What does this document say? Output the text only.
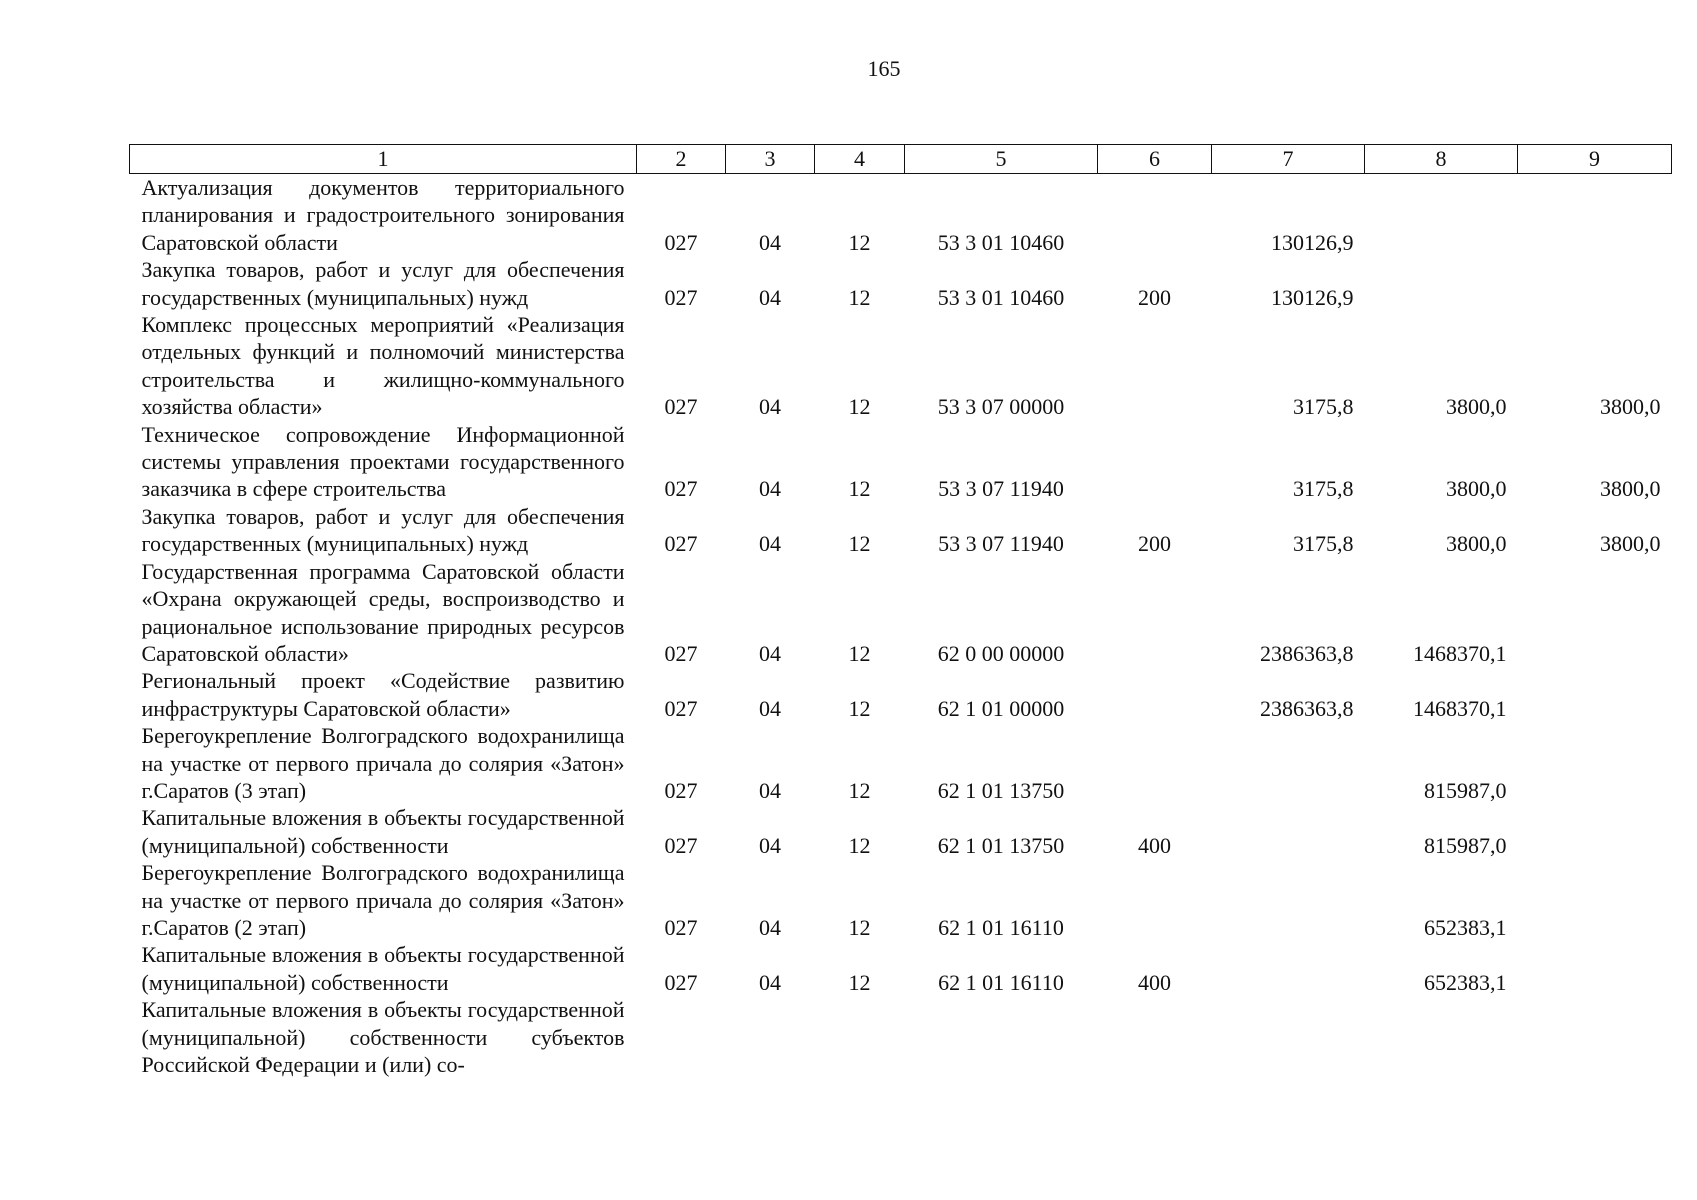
165
1	2	3	4	5	6	7	8	9
Актуализация документов территориального планирования и градостроительного зонирования Саратовской области	027	04	12	53 3 01 10460		130126,9		
Закупка товаров, работ и услуг для обеспечения государственных (муниципальных) нужд	027	04	12	53 3 01 10460	200	130126,9		
Комплекс процессных мероприятий «Реализация отдельных функций и полномочий министерства строительства и жилищно-коммунального хозяйства области»	027	04	12	53 3 07 00000		3175,8	3800,0	3800,0
Техническое сопровождение Информационной системы управления проектами государственного заказчика в сфере строительства	027	04	12	53 3 07 11940		3175,8	3800,0	3800,0
Закупка товаров, работ и услуг для обеспечения государственных (муниципальных) нужд	027	04	12	53 3 07 11940	200	3175,8	3800,0	3800,0
Государственная программа Саратовской области «Охрана окружающей среды, воспроизводство и рациональное использование природных ресурсов Саратовской области»	027	04	12	62 0 00 00000		2386363,8	1468370,1	
Региональный проект «Содействие развитию инфраструктуры Саратовской области»	027	04	12	62 1 01 00000		2386363,8	1468370,1	
Берегоукрепление Волгоградского водохранилища на участке от первого причала до солярия «Затон» г.Саратов (3 этап)	027	04	12	62 1 01 13750			815987,0	
Капитальные вложения в объекты государственной (муниципальной) собственности	027	04	12	62 1 01 13750	400		815987,0	
Берегоукрепление Волгоградского водохранилища на участке от первого причала до солярия «Затон» г.Саратов (2 этап)	027	04	12	62 1 01 16110			652383,1	
Капитальные вложения в объекты государственной (муниципальной) собственности	027	04	12	62 1 01 16110	400		652383,1	
Капитальные вложения в объекты государственной (муниципальной) собственности субъектов Российской Федерации и (или) со-								
